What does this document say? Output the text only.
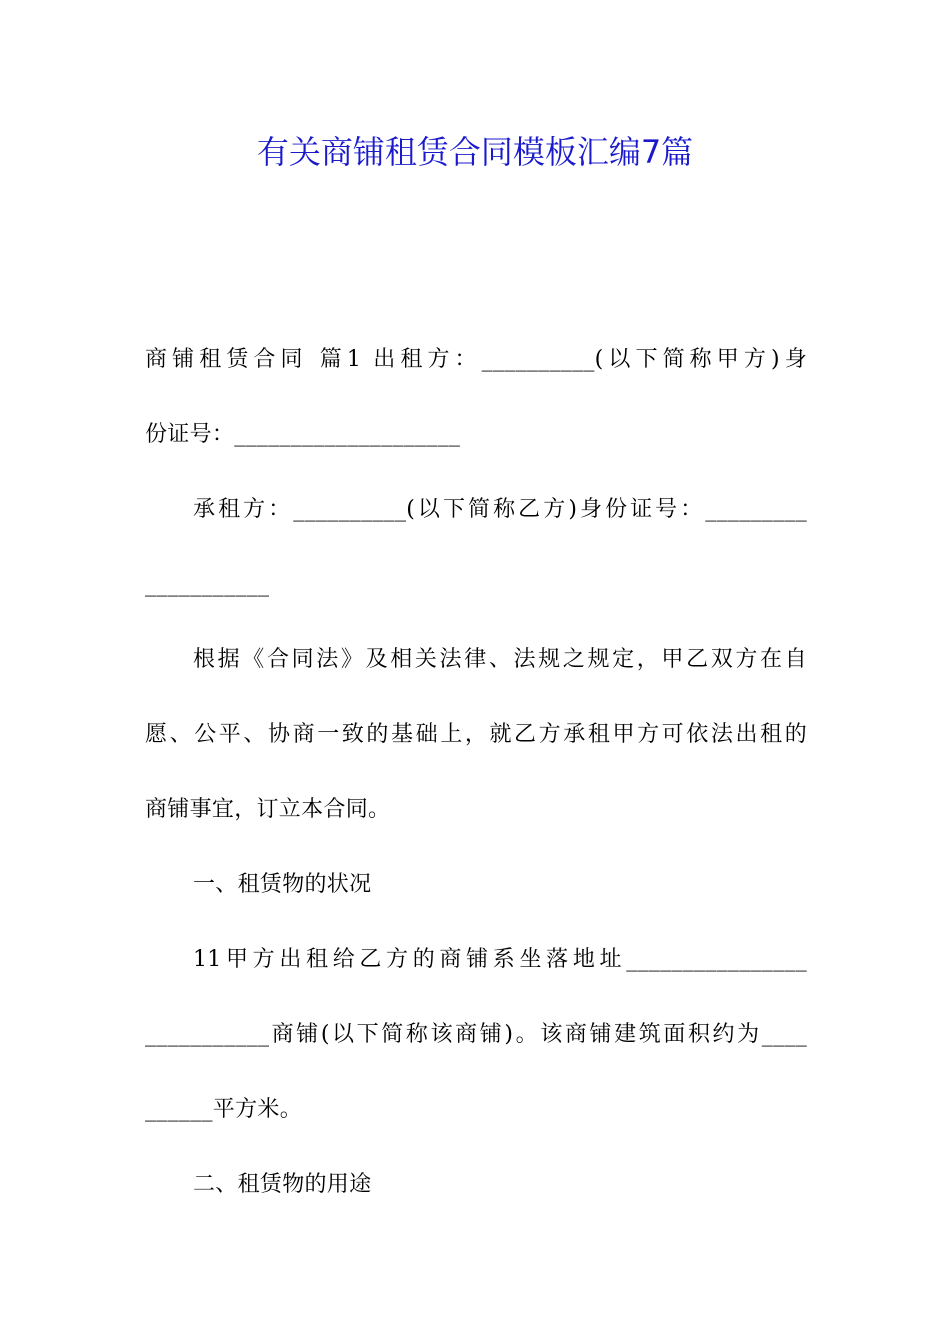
有关商铺租赁合同模板汇编7篇
商铺租赁合同 篇1 出租方：__________(以下简称甲方)身
份证号：____________________
承租方：__________(以下简称乙方)身份证号：_________
___________
根据《合同法》及相关法律、法规之规定，甲乙双方在自
愿、公平、协商一致的基础上，就乙方承租甲方可依法出租的
商铺事宜，订立本合同。
一、租赁物的状况
11甲方出租给乙方的商铺系坐落地址________________
___________商铺(以下简称该商铺)。该商铺建筑面积约为____
______平方米。
二、租赁物的用途
